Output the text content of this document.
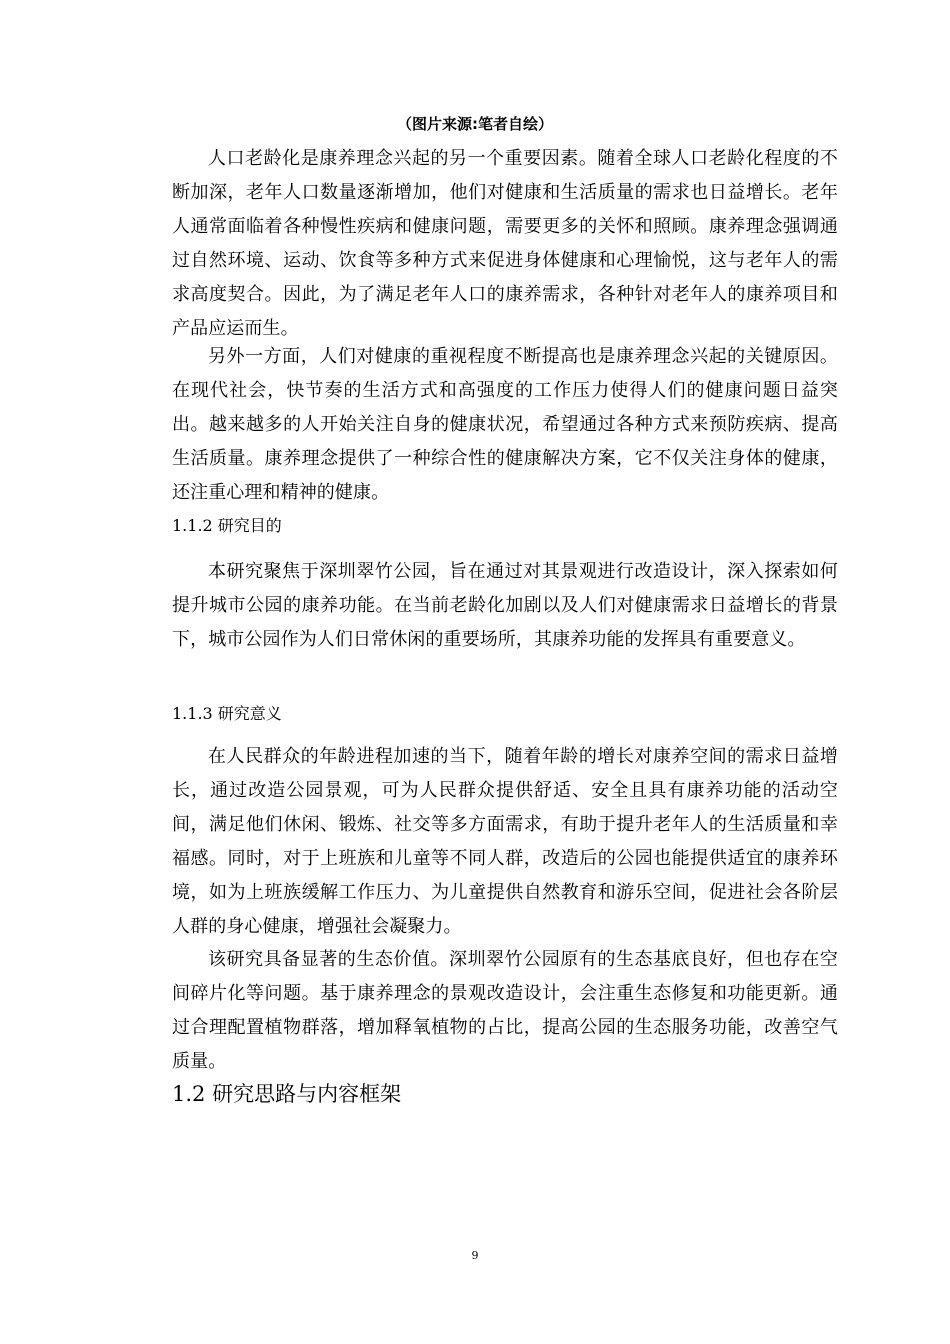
（图片来源:笔者自绘）

人口老龄化是康养理念兴起的另一个重要因素。随着全球人口老龄化程度的不断加深，老年人口数量逐渐增加，他们对健康和生活质量的需求也日益增长。老年人通常面临着各种慢性疾病和健康问题，需要更多的关怀和照顾。康养理念强调通过自然环境、运动、饮食等多种方式来促进身体健康和心理愉悦，这与老年人的需求高度契合。因此，为了满足老年人口的康养需求，各种针对老年人的康养项目和产品应运而生。

另外一方面，人们对健康的重视程度不断提高也是康养理念兴起的关键原因。在现代社会，快节奏的生活方式和高强度的工作压力使得人们的健康问题日益突出。越来越多的人开始关注自身的健康状况，希望通过各种方式来预防疾病、提高生活质量。康养理念提供了一种综合性的健康解决方案，它不仅关注身体的健康，还注重心理和精神的健康。

1.1.2 研究目的

本研究聚焦于深圳翠竹公园，旨在通过对其景观进行改造设计，深入探索如何提升城市公园的康养功能。在当前老龄化加剧以及人们对健康需求日益增长的背景下，城市公园作为人们日常休闲的重要场所，其康养功能的发挥具有重要意义。

1.1.3 研究意义

在人民群众的年龄进程加速的当下，随着年龄的增长对康养空间的需求日益增长，通过改造公园景观，可为人民群众提供舒适、安全且具有康养功能的活动空间，满足他们休闲、锻炼、社交等多方面需求，有助于提升老年人的生活质量和幸福感。同时，对于上班族和儿童等不同人群，改造后的公园也能提供适宜的康养环境，如为上班族缓解工作压力、为儿童提供自然教育和游乐空间，促进社会各阶层人群的身心健康，增强社会凝聚力。

该研究具备显著的生态价值。深圳翠竹公园原有的生态基底良好，但也存在空间碎片化等问题。基于康养理念的景观改造设计，会注重生态修复和功能更新。通过合理配置植物群落，增加释氧植物的占比，提高公园的生态服务功能，改善空气质量。

1.2 研究思路与内容框架
9
